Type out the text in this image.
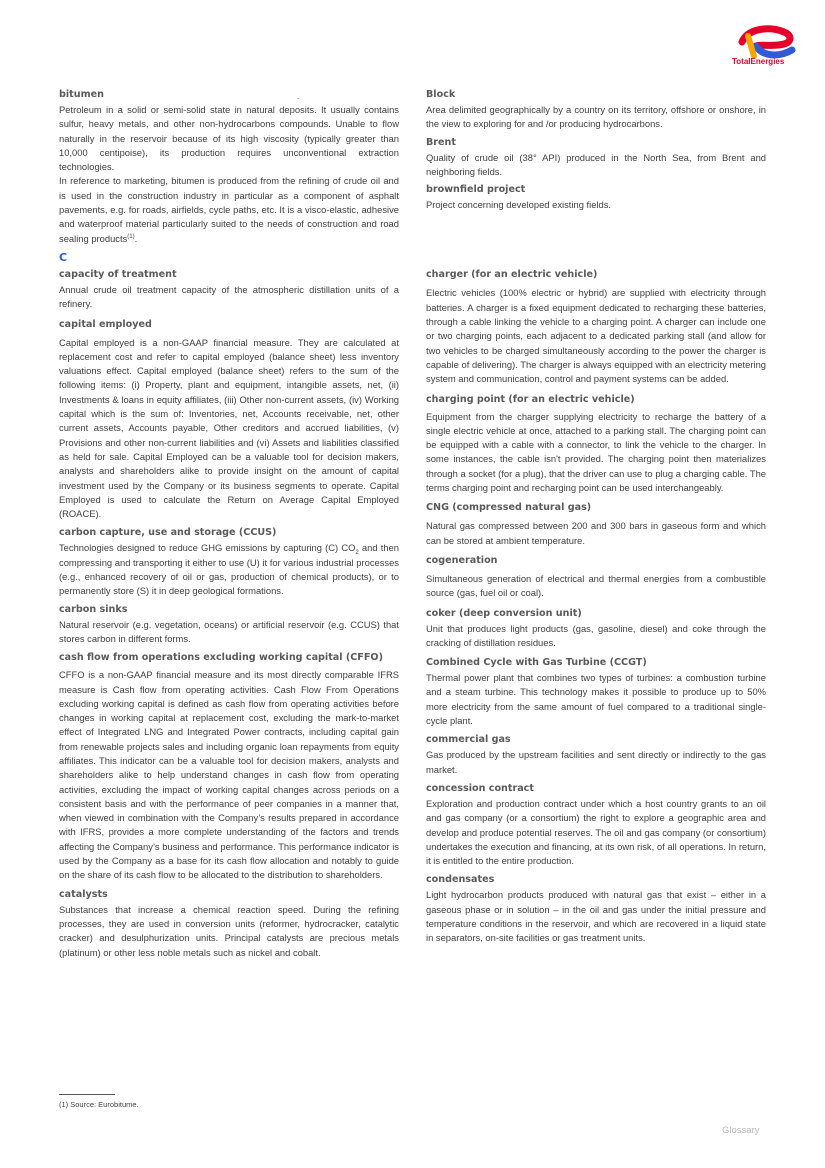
TotalEnergies
.

bitumen

Petroleum in a solid or semi-solid state in natural deposits. It usually contains sulfur, heavy metals, and other non-hydrocarbons compounds. Unable to flow naturally in the reservoir because of its high viscosity (typically greater than 10,000 centipoise), its production requires unconventional extraction technologies.

In reference to marketing, bitumen is produced from the refining of crude oil and is used in the construction industry in particular as a component of asphalt pavements, e.g. for roads, airfields, cycle paths, etc. It is a visco-elastic, adhesive and waterproof material particularly suited to the needs of construction and road sealing products$^{(1)}$.

C

capacity of treatment

Annual crude oil treatment capacity of the atmospheric distillation units of a refinery.

capital employed

Capital employed is a non-GAAP financial measure. They are calculated at replacement cost and refer to capital employed (balance sheet) less inventory valuations effect. Capital employed (balance sheet) refers to the sum of the following items: (i) Property, plant and equipment, intangible assets, net, (ii) Investments & loans in equity affiliates, (iii) Other non-current assets, (iv) Working capital which is the sum of: Inventories, net, Accounts receivable, net, other current assets, Accounts payable, Other creditors and accrued liabilities, (v) Provisions and other non-current liabilities and (vi) Assets and liabilities classified as held for sale. Capital Employed can be a valuable tool for decision makers, analysts and shareholders alike to provide insight on the amount of capital investment used by the Company or its business segments to operate. Capital Employed is used to calculate the Return on Average Capital Employed (ROACE).

carbon capture, use and storage (CCUS)

Technologies designed to reduce GHG emissions by capturing (C) $CO_2$ and then compressing and transporting it either to use (U) it for various industrial processes (e.g., enhanced recovery of oil or gas, production of chemical products), or to permanently store (S) it in deep geological formations.

carbon sinks

Natural reservoir (e.g. vegetation, oceans) or artificial reservoir (e.g. CCUS) that stores carbon in different forms.

cash flow from operations excluding working capital (CFFO)

CFFO is a non-GAAP financial measure and its most directly comparable IFRS measure is Cash flow from operating activities. Cash Flow From Operations excluding working capital is defined as cash flow from operating activities before changes in working capital at replacement cost, excluding the mark-to-market effect of Integrated LNG and Integrated Power contracts, including capital gain from renewable projects sales and including organic loan repayments from equity affiliates. This indicator can be a valuable tool for decision makers, analysts and shareholders alike to help understand changes in cash flow from operating activities, excluding the impact of working capital changes across periods on a consistent basis and with the performance of peer companies in a manner that, when viewed in combination with the Company’s results prepared in accordance with IFRS, provides a more complete understanding of the factors and trends affecting the Company’s business and performance. This performance indicator is used by the Company as a base for its cash flow allocation and notably to guide on the share of its cash flow to be allocated to the distribution to shareholders.

catalysts

Substances that increase a chemical reaction speed. During the refining processes, they are used in conversion units (reformer, hydrocracker, catalytic cracker) and desulphurization units. Principal catalysts are precious metals (platinum) or other less noble metals such as nickel and cobalt.

Block

Area delimited geographically by a country on its territory, offshore or onshore, in the view to exploring for and /or producing hydrocarbons.

Brent

Quality of crude oil (38° API) produced in the North Sea, from Brent and neighboring fields.

brownfield project

Project concerning developed existing fields.

charger (for an electric vehicle)

Electric vehicles (100% electric or hybrid) are supplied with electricity through batteries. A charger is a fixed equipment dedicated to recharging these batteries, through a cable linking the vehicle to a charging point. A charger can include one or two charging points, each adjacent to a dedicated parking stall (and allow for two vehicles to be charged simultaneously according to the power the charger is capable of delivering). The charger is always equipped with an electricity metering system and communication, control and payment systems can be added.

charging point (for an electric vehicle)

Equipment from the charger supplying electricity to recharge the battery of a single electric vehicle at once, attached to a parking stall. The charging point can be equipped with a cable with a connector, to link the vehicle to the charger. In some instances, the cable isn't provided. The charging point then materializes through a socket (for a plug), that the driver can use to plug a charging cable. The terms charging point and recharging point can be used interchangeably.

CNG (compressed natural gas)

Natural gas compressed between 200 and 300 bars in gaseous form and which can be stored at ambient temperature.

cogeneration

Simultaneous generation of electrical and thermal energies from a combustible source (gas, fuel oil or coal).

coker (deep conversion unit)

Unit that produces light products (gas, gasoline, diesel) and coke through the cracking of distillation residues.

Combined Cycle with Gas Turbine (CCGT)

Thermal power plant that combines two types of turbines: a combustion turbine and a steam turbine. This technology makes it possible to produce up to 50% more electricity from the same amount of fuel compared to a traditional single-cycle plant.

commercial gas

Gas produced by the upstream facilities and sent directly or indirectly to the gas market.

concession contract

Exploration and production contract under which a host country grants to an oil and gas company (or a consortium) the right to explore a geographic area and develop and produce potential reserves. The oil and gas company (or consortium) undertakes the execution and financing, at its own risk, of all operations. In return, it is entitled to the entire production.

condensates

Light hydrocarbon products produced with natural gas that exist – either in a gaseous phase or in solution – in the oil and gas under the initial pressure and temperature conditions in the reservoir, and which are recovered in a liquid state in separators, on-site facilities or gas treatment units.

(1) Source: Eurobitume.
Glossary
